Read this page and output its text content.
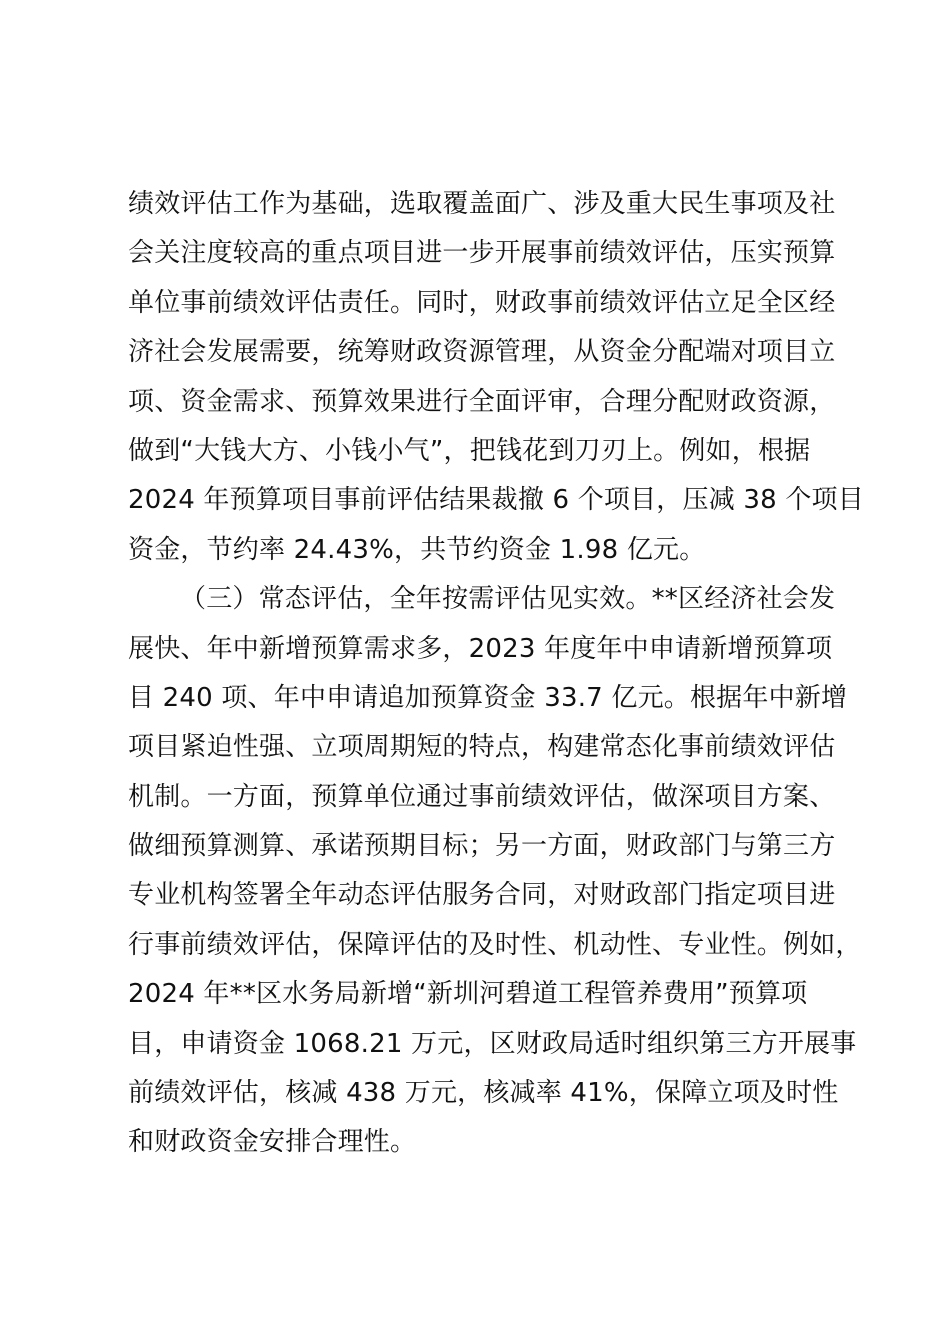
绩效评估工作为基础，选取覆盖面广、涉及重大民生事项及社
会关注度较高的重点项目进一步开展事前绩效评估，压实预算
单位事前绩效评估责任。同时，财政事前绩效评估立足全区经
济社会发展需要，统筹财政资源管理，从资金分配端对项目立
项、资金需求、预算效果进行全面评审，合理分配财政资源，
做到“大钱大方、小钱小气”，把钱花到刀刃上。例如，根据
2024 年预算项目事前评估结果裁撤 6 个项目，压减 38 个项目
资金，节约率 24.43%，共节约资金 1.98 亿元。
（三）常态评估，全年按需评估见实效。**区经济社会发
展快、年中新增预算需求多，2023 年度年中申请新增预算项
目 240 项、年中申请追加预算资金 33.7 亿元。根据年中新增
项目紧迫性强、立项周期短的特点，构建常态化事前绩效评估
机制。一方面，预算单位通过事前绩效评估，做深项目方案、
做细预算测算、承诺预期目标；另一方面，财政部门与第三方
专业机构签署全年动态评估服务合同，对财政部门指定项目进
行事前绩效评估，保障评估的及时性、机动性、专业性。例如，
2024 年**区水务局新增“新圳河碧道工程管养费用”预算项
目，申请资金 1068.21 万元，区财政局适时组织第三方开展事
前绩效评估，核减 438 万元，核减率 41%，保障立项及时性
和财政资金安排合理性。
